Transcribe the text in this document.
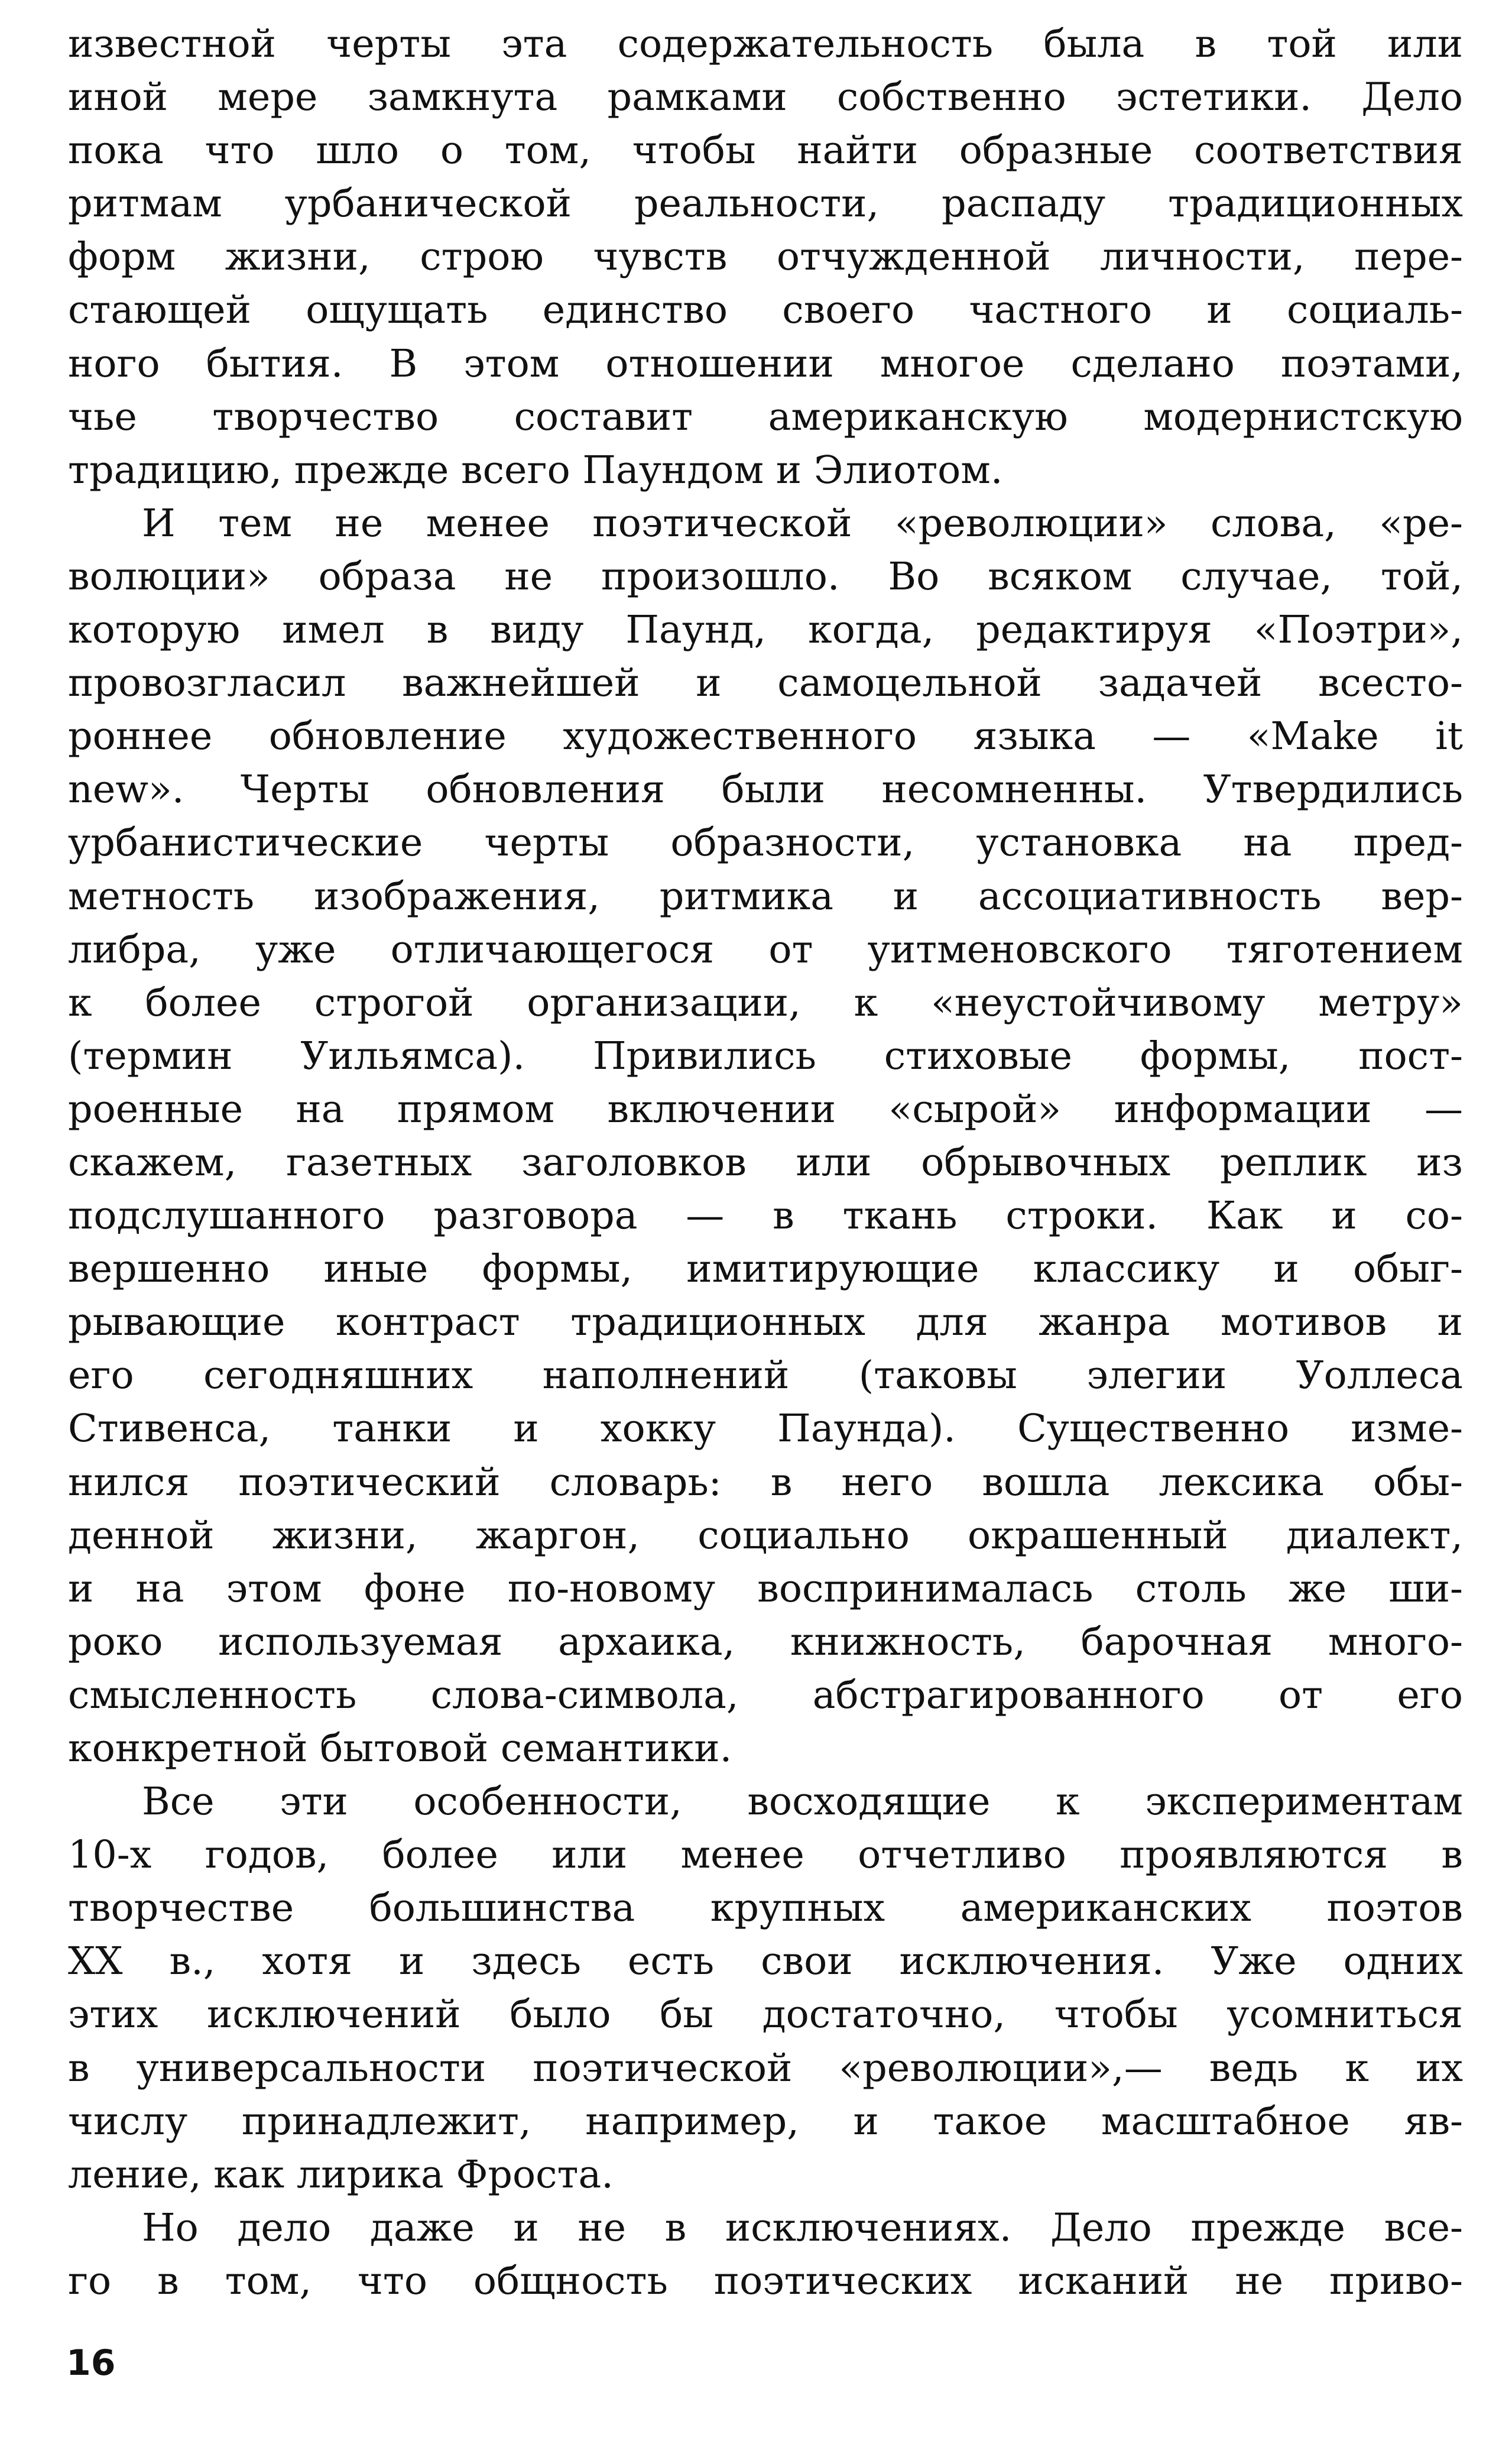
известной черты эта содержательность была в той или
иной мере замкнута рамками собственно эстетики. Дело
пока что шло о том, чтобы найти образные соответствия
ритмам урбанической реальности, распаду традиционных
форм жизни, строю чувств отчужденной личности, пере-
стающей ощущать единство своего частного и социаль-
ного бытия. В этом отношении многое сделано поэтами,
чье творчество составит американскую модернистскую
традицию, прежде всего Паундом и Элиотом.
И тем не менее поэтической «революции» слова, «ре-
волюции» образа не произошло. Во всяком случае, той,
которую имел в виду Паунд, когда, редактируя «Поэтри»,
провозгласил важнейшей и самоцельной задачей всесто-
роннее обновление художественного языка — «Make it
new». Черты обновления были несомненны. Утвердились
урбанистические черты образности, установка на пред-
метность изображения, ритмика и ассоциативность вер-
либра, уже отличающегося от уитменовского тяготением
к более строгой организации, к «неустойчивому метру»
(термин Уильямса). Привились стиховые формы, пост-
роенные на прямом включении «сырой» информации —
скажем, газетных заголовков или обрывочных реплик из
подслушанного разговора — в ткань строки. Как и со-
вершенно иные формы, имитирующие классику и обыг-
рывающие контраст традиционных для жанра мотивов и
его сегодняшних наполнений (таковы элегии Уоллеса
Стивенса, танки и хокку Паунда). Существенно изме-
нился поэтический словарь: в него вошла лексика обы-
денной жизни, жаргон, социально окрашенный диалект,
и на этом фоне по-новому воспринималась столь же ши-
роко используемая архаика, книжность, барочная много-
смысленность слова-символа, абстрагированного от его
конкретной бытовой семантики.
Все эти особенности, восходящие к экспериментам
10-х годов, более или менее отчетливо проявляются в
творчестве большинства крупных американских поэтов
XX в., хотя и здесь есть свои исключения. Уже одних
этих исключений было бы достаточно, чтобы усомниться
в универсальности поэтической «революции»,— ведь к их
числу принадлежит, например, и такое масштабное яв-
ление, как лирика Фроста.
Но дело даже и не в исключениях. Дело прежде все-
го в том, что общность поэтических исканий не приво-
16
